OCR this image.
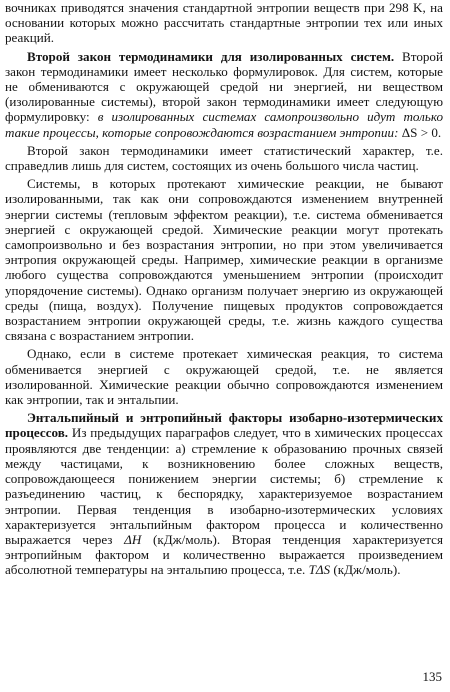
вочниках приводятся значения стандартной энтропии веществ при 298 K, на основании которых можно рассчитать стандартные энтропии тех или иных реакций.

Второй закон термодинамики для изолированных систем. Второй закон термодинамики имеет несколько формулировок. Для систем, которые не обмениваются с окружающей средой ни энергией, ни веществом (изолированные системы), второй закон термодинамики имеет следующую формулировку: в изолированных системах самопроизвольно идут только такие процессы, которые сопровождаются возрастанием энтропии: ΔS > 0.

Второй закон термодинамики имеет статистический характер, т.е. справедлив лишь для систем, состоящих из очень большого числа частиц.

Системы, в которых протекают химические реакции, не бывают изолированными, так как они сопровождаются изменением внутренней энергии системы (тепловым эффектом реакции), т.е. система обменивается энергией с окружающей средой. Химические реакции могут протекать самопроизвольно и без возрастания энтропии, но при этом увеличивается энтропия окружающей среды. Например, химические реакции в организме любого существа сопровождаются уменьшением энтропии (происходит упорядочение системы). Однако организм получает энергию из окружающей среды (пища, воздух). Получение пищевых продуктов сопровождается возрастанием энтропии окружающей среды, т.е. жизнь каждого существа связана с возрастанием энтропии.

Однако, если в системе протекает химическая реакция, то система обменивается энергией с окружающей средой, т.е. не является изолированной. Химические реакции обычно сопровождаются изменением как энтропии, так и энтальпии.

Энтальпийный и энтропийный факторы изобарно-изотермических процессов. Из предыдущих параграфов следует, что в химических процессах проявляются две тенденции: а) стремление к образованию прочных связей между частицами, к возникновению более сложных веществ, сопровождающееся понижением энергии системы; б) стремление к разъединению частиц, к беспорядку, характеризуемое возрастанием энтропии. Первая тенденция в изобарно-изотермических условиях характеризуется энтальпийным фактором процесса и количественно выражается через ΔH (кДж/моль). Вторая тенденция характеризуется энтропийным фактором и количественно выражается произведением абсолютной температуры на энтальпию процесса, т.е. TΔS (кДж/моль).

135
